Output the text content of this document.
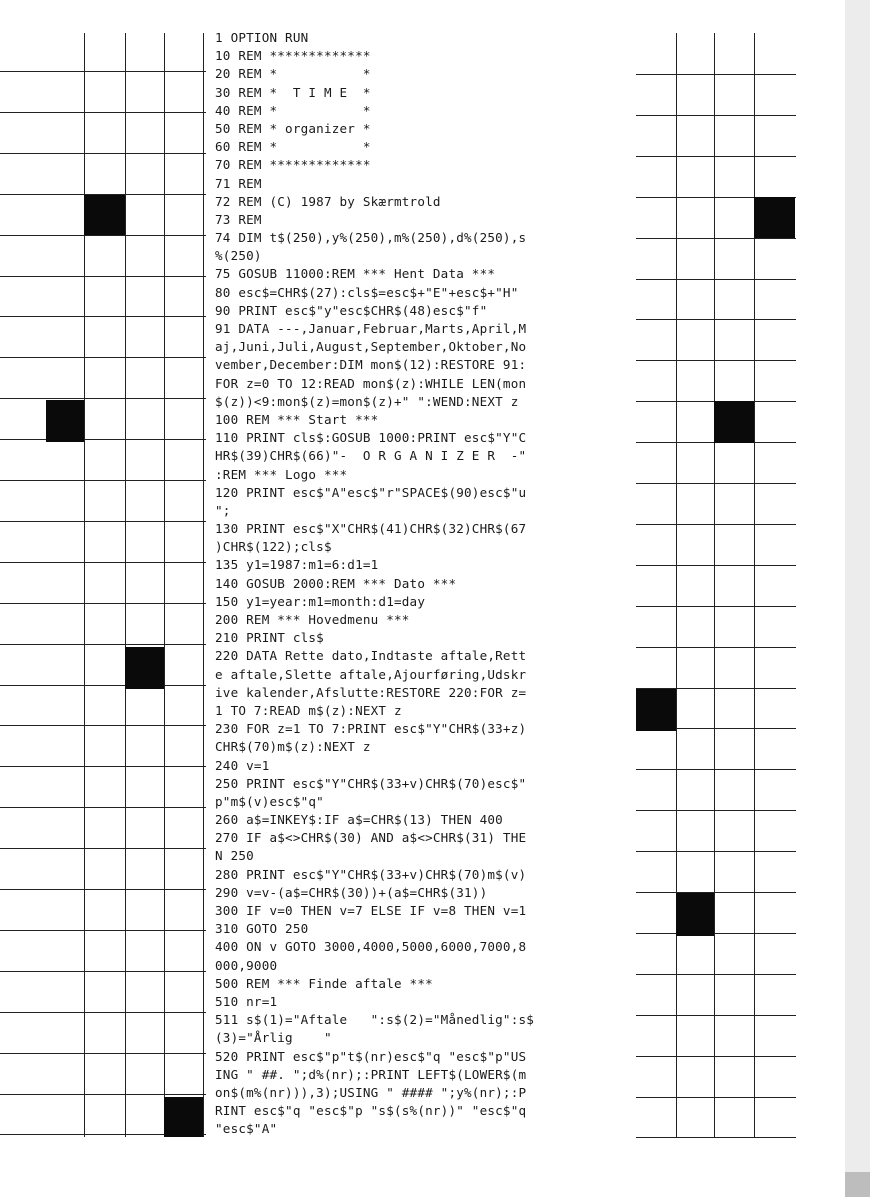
1 OPTION RUN
10 REM *************
20 REM *           *
30 REM *  T I M E  *
40 REM *           *
50 REM * organizer *
60 REM *           *
70 REM *************
71 REM
72 REM (C) 1987 by Skærmtrold
73 REM
74 DIM t$(250),y%(250),m%(250),d%(250),s
%(250)
75 GOSUB 11000:REM *** Hent Data ***
80 esc$=CHR$(27):cls$=esc$+"E"+esc$+"H"
90 PRINT esc$"y"esc$CHR$(48)esc$"f"
91 DATA ---,Januar,Februar,Marts,April,M
aj,Juni,Juli,August,September,Oktober,No
vember,December:DIM mon$(12):RESTORE 91:
FOR z=0 TO 12:READ mon$(z):WHILE LEN(mon
$(z))<9:mon$(z)=mon$(z)+" ":WEND:NEXT z
100 REM *** Start ***
110 PRINT cls$:GOSUB 1000:PRINT esc$"Y"C
HR$(39)CHR$(66)"-  O R G A N I Z E R  -"
:REM *** Logo ***
120 PRINT esc$"A"esc$"r"SPACE$(90)esc$"u
";
130 PRINT esc$"X"CHR$(41)CHR$(32)CHR$(67
)CHR$(122);cls$
135 y1=1987:m1=6:d1=1
140 GOSUB 2000:REM *** Dato ***
150 y1=year:m1=month:d1=day
200 REM *** Hovedmenu ***
210 PRINT cls$
220 DATA Rette dato,Indtaste aftale,Rett
e aftale,Slette aftale,Ajourføring,Udskr
ive kalender,Afslutte:RESTORE 220:FOR z=
1 TO 7:READ m$(z):NEXT z
230 FOR z=1 TO 7:PRINT esc$"Y"CHR$(33+z)
CHR$(70)m$(z):NEXT z
240 v=1
250 PRINT esc$"Y"CHR$(33+v)CHR$(70)esc$"
p"m$(v)esc$"q"
260 a$=INKEY$:IF a$=CHR$(13) THEN 400
270 IF a$<>CHR$(30) AND a$<>CHR$(31) THE
N 250
280 PRINT esc$"Y"CHR$(33+v)CHR$(70)m$(v)
290 v=v-(a$=CHR$(30))+(a$=CHR$(31))
300 IF v=0 THEN v=7 ELSE IF v=8 THEN v=1
310 GOTO 250
400 ON v GOTO 3000,4000,5000,6000,7000,8
000,9000
500 REM *** Finde aftale ***
510 nr=1
511 s$(1)="Aftale   ":s$(2)="Månedlig":s$
(3)="Årlig    "
520 PRINT esc$"p"t$(nr)esc$"q "esc$"p"US
ING " ##. ";d%(nr);:PRINT LEFT$(LOWER$(m
on$(m%(nr))),3);USING " #### ";y%(nr);:P
RINT esc$"q "esc$"p "s$(s%(nr))" "esc$"q
"esc$"A"
